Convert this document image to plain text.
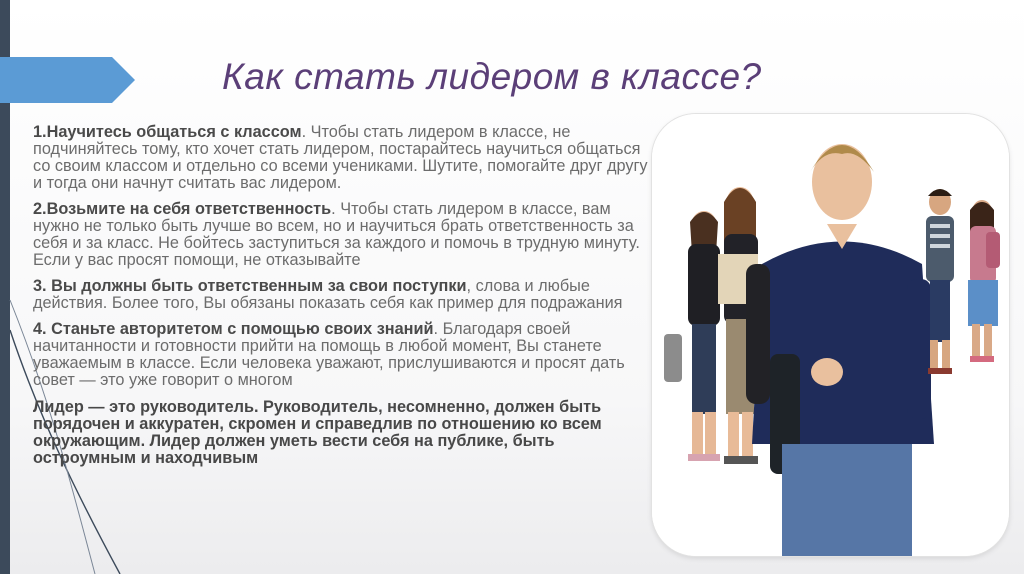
Как стать лидером в классе?

1.Научитесь общаться с классом. Чтобы стать лидером в классе, не подчиняйтесь тому, кто хочет стать лидером, постарайтесь научиться общаться со своим классом и отдельно со всеми учениками. Шутите, помогайте друг другу и тогда они начнут считать вас лидером.

2.Возьмите на себя ответственность. Чтобы стать лидером в классе, вам нужно не только быть лучше во всем, но и научиться брать ответственность за себя и за класс. Не бойтесь заступиться за каждого и помочь в трудную минуту. Если у вас просят помощи, не отказывайте

3. Вы должны быть ответственным за свои поступки, слова и любые действия. Более того, Вы обязаны показать себя как пример для подражания

4. Станьте авторитетом с помощью своих знаний. Благодаря своей начитанности и готовности прийти на помощь в любой момент, Вы станете уважаемым в классе. Если человека уважают, прислушиваются и просят дать совет — это уже говорит о многом

Лидер — это руководитель. Руководитель, несомненно, должен быть порядочен и аккуратен, скромен и справедлив по отношению ко всем окружающим. Лидер должен уметь вести себя на публике, быть остроумным и находчивым
